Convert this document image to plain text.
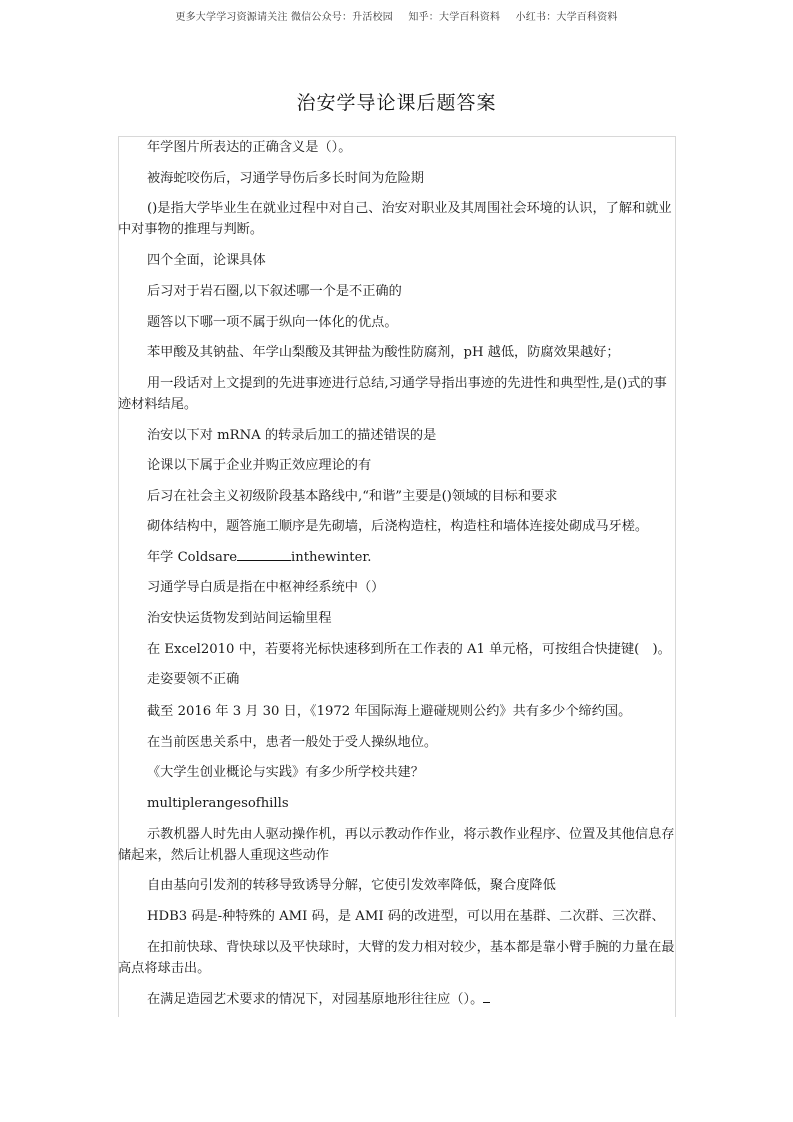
更多大学学习资源请关注 微信公众号：升活校园 知乎：大学百科资料 小红书：大学百科资料
治安学导论课后题答案
年学图片所表达的正确含义是（）。
被海蛇咬伤后，习通学导伤后多长时间为危险期
()是指大学毕业生在就业过程中对自己、治安对职业及其周围社会环境的认识，了解和就业中对事物的推理与判断。
四个全面，论课具体
后习对于岩石圈,以下叙述哪一个是不正确的
题答以下哪一项不属于纵向一体化的优点。
苯甲酸及其钠盐、年学山梨酸及其钾盐为酸性防腐剂，pH 越低，防腐效果越好；
用一段话对上文提到的先进事迹进行总结,习通学导指出事迹的先进性和典型性,是()式的事迹材料结尾。
治安以下对 mRNA 的转录后加工的描述错误的是
论课以下属于企业并购正效应理论的有
后习在社会主义初级阶段基本路线中,“和谐”主要是()领域的目标和要求
砌体结构中，题答施工顺序是先砌墙，后浇构造柱，构造柱和墙体连接处砌成马牙槎。
年学 Coldsare	inthewinter.
习通学导白质是指在中枢神经系统中（）
治安快运货物发到站间运输里程
在 Excel2010 中，若要将光标快速移到所在工作表的 A1 单元格，可按组合快捷键(　)。
走姿要领不正确
截至 2016 年 3 月 30 日，《1972 年国际海上避碰规则公约》共有多少个缔约国。
在当前医患关系中，患者一般处于受人操纵地位。
《大学生创业概论与实践》有多少所学校共建？
multiplerangesofhills
示教机器人时先由人驱动操作机，再以示教动作作业，将示教作业程序、位置及其他信息存储起来，然后让机器人重现这些动作
自由基向引发剂的转移导致诱导分解，它使引发效率降低，聚合度降低
HDB3 码是-种特殊的 AMI 码，是 AMI 码的改进型，可以用在基群、二次群、三次群、
在扣前快球、背快球以及平快球时，大臂的发力相对较少，基本都是靠小臂手腕的力量在最高点将球击出。
在满足造园艺术要求的情况下，对园基原地形往往应（）。
